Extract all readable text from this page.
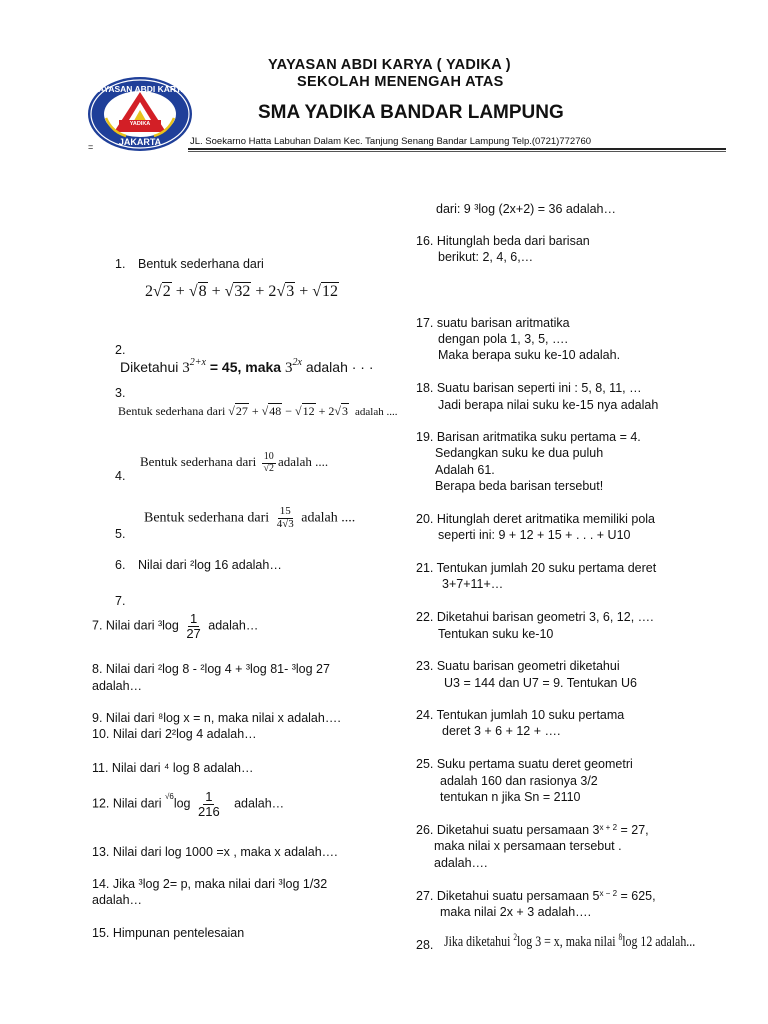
YAYASAN ABDI KARYA
YADIKA
JAKARTA
YAYASAN ABDI KARYA ( YADIKA )
SEKOLAH MENENGAH ATAS
SMA YADIKA BANDAR LAMPUNG
JL. Soekarno Hatta Labuhan Dalam Kec. Tanjung Senang Bandar Lampung Telp.(0721)772760
=
1. Bentuk sederhana dari
2√2 + √8 + √32 + 2√3 + √12
2.
Diketahui $3^{2+x} = 45$, maka $3^{2x}$ adalah · · ·
3.
Bentuk sederhana dari √27 + √48 − √12 + 2√3 adalah ....
4.
Bentuk sederhana dari $\frac{10}{√2}$ adalah ....
5.
Bentuk sederhana dari $\frac{15}{4√3}$ adalah ....
6. Nilai dari ²log 16 adalah…
7.
7. Nilai dari $^3\log \frac{1}{27}$ adalah…
8. Nilai dari ²log 8 - ²log 4 + ³log 81- ³log 27
adalah…
9. Nilai dari ⁸log x = n, maka nilai x adalah….
10. Nilai dari 2²log 4 adalah…
11. Nilai dari ⁴ log 8 adalah…
12. Nilai dari $^{√6}\log \frac{1}{216}$ adalah…
13. Nilai dari log 1000 =x , maka x adalah….
14. Jika ³log 2= p, maka nilai dari ³log 1/32
adalah…
15. Himpunan pentelesaian
dari: 9 ³log (2x+2) = 36 adalah…
16. Hitunglah beda dari barisan
berikut: 2, 4, 6,…
17. suatu barisan aritmatika
dengan pola 1, 3, 5, ….
Maka berapa suku ke-10 adalah.
18. Suatu barisan seperti ini : 5, 8, 11, …
Jadi berapa nilai suku ke-15 nya adalah
19. Barisan aritmatika suku pertama = 4.
Sedangkan suku ke dua puluh
Adalah 61.
Berapa beda barisan tersebut!
20. Hitunglah deret aritmatika memiliki pola
seperti ini: 9 + 12 + 15 + . . . + U10
21. Tentukan jumlah 20 suku pertama deret
3+7+11+…
22. Diketahui barisan geometri 3, 6, 12, ….
Tentukan suku ke-10
23. Suatu barisan geometri diketahui
U3 = 144 dan U7 = 9. Tentukan U6
24. Tentukan jumlah 10 suku pertama
deret 3 + 6 + 12 + ….
25. Suku pertama suatu deret geometri
adalah 160 dan rasionya 3/2
tentukan n jika Sn = 2110
26. Diketahui suatu persamaan $3^{x + 2} = 27$,
maka nilai x persamaan tersebut .
adalah….
27. Diketahui suatu persamaan $5^{x - 2} = 625$,
maka nilai 2x + 3 adalah….
28. Jika diketahui $^2$log 3 = x, maka nilai $^8$log 12 adalah...
